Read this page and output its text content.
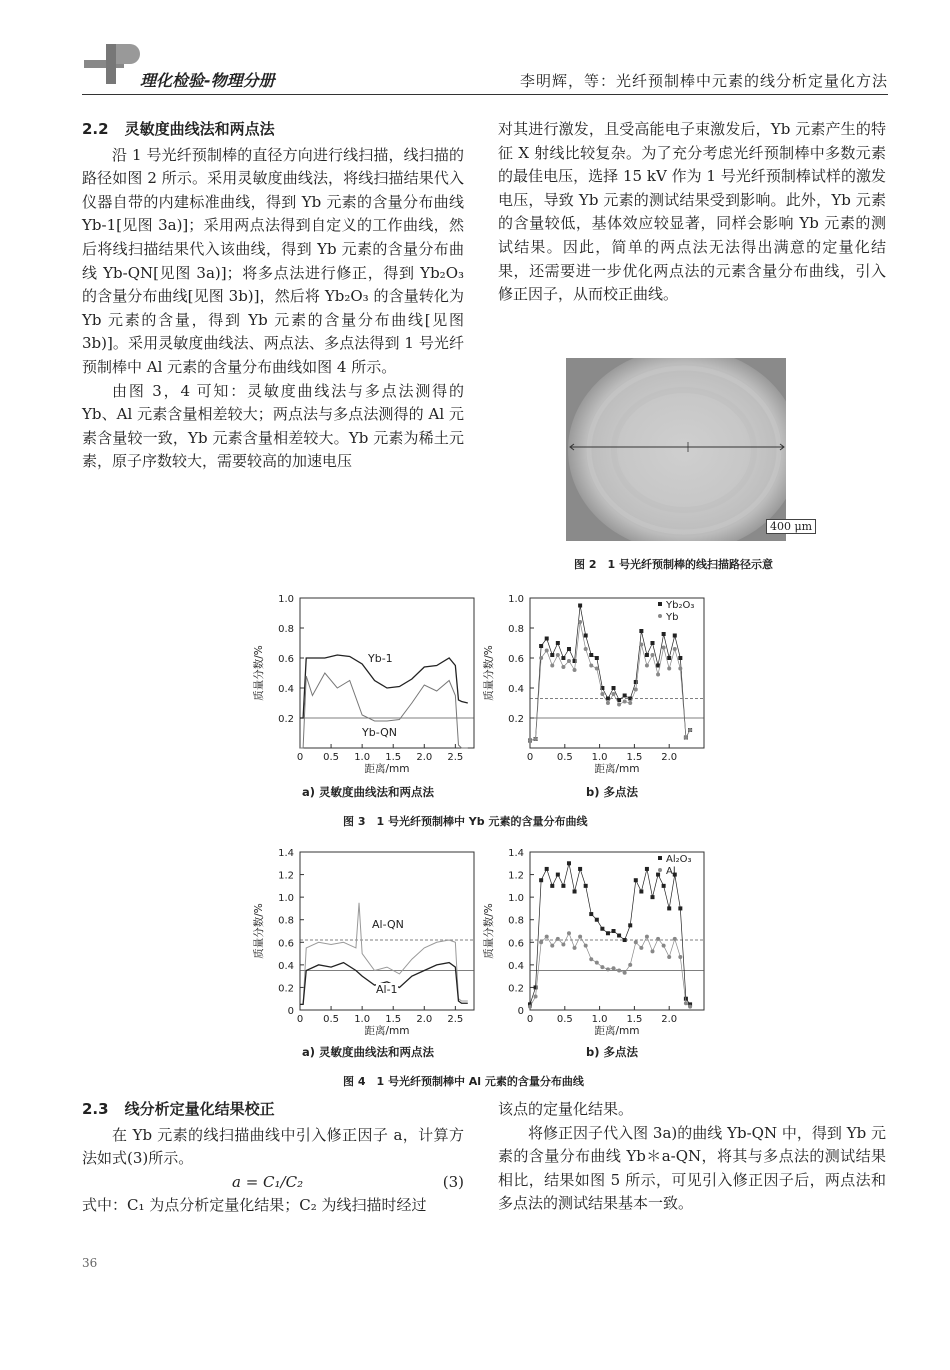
理化检验-物理分册	李明辉，等：光纤预制棒中元素的线分析定量化方法
2.2 灵敏度曲线法和两点法

沿 1 号光纤预制棒的直径方向进行线扫描，线扫描的路径如图 2 所示。采用灵敏度曲线法，将线扫描结果代入仪器自带的内建标准曲线，得到 Yb 元素的含量分布曲线 Yb-1[见图 3a)]；采用两点法得到自定义的工作曲线，然后将线扫描结果代入该曲线，得到 Yb 元素的含量分布曲线 Yb-QN[见图 3a)]；将多点法进行修正，得到 Yb₂O₃ 的含量分布曲线[见图 3b)]，然后将 Yb₂O₃ 的含量转化为 Yb 元素的含量，得到 Yb 元素的含量分布曲线[见图 3b)]。采用灵敏度曲线法、两点法、多点法得到 1 号光纤预制棒中 Al 元素的含量分布曲线如图 4 所示。

由图 3，4 可知：灵敏度曲线法与多点法测得的 Yb、Al 元素含量相差较大；两点法与多点法测得的 Al 元素含量较一致，Yb 元素含量相差较大。Yb 元素为稀土元素，原子序数较大，需要较高的加速电压

对其进行激发，且受高能电子束激发后，Yb 元素产生的特征 X 射线比较复杂。为了充分考虑光纤预制棒中多数元素的最佳电压，选择 15 kV 作为 1 号光纤预制棒试样的激发电压，导致 Yb 元素的测试结果受到影响。此外，Yb 元素的含量较低，基体效应较显著，同样会影响 Yb 元素的测试结果。因此，简单的两点法无法得出满意的定量化结果，还需要进一步优化两点法的元素含量分布曲线，引入修正因子，从而校正曲线。

400 μm
图 2　1 号光纤预制棒的线扫描路径示意
0.2
0.4
0.6
0.8
1.0
0 0.5 1.0 1.5 2.0 2.5
距离/mm
质量分数/%
0.2
0.4
0.6
0.8
1.0
0 0.5 1.0 1.5 2.0
距离/mm
质量分数/%
Yb₂O₃
Yb
a) 灵敏度曲线法和两点法	b) 多点法
图 3　1 号光纤预制棒中 Yb 元素的含量分布曲线
0
0.2
0.4
0.6
0.8
1.0
1.2
1.4
0 0.5 1.0 1.5 2.0 2.5
距离/mm
质量分数/%
0
0.2
0.4
0.6
0.8
1.0
1.2
1.4
0 0.5 1.0 1.5 2.0
距离/mm
质量分数/%
Al₂O₃
Al
a) 灵敏度曲线法和两点法	b) 多点法
图 4　1 号光纤预制棒中 Al 元素的含量分布曲线
Yb-1
Yb-QN
Al-QN
Al-1
2.3 线分析定量化结果校正

在 Yb 元素的线扫描曲线中引入修正因子 a，计算方法如式(3)所示。

a = C₁/C₂	(3)

式中：C₁ 为点分析定量化结果；C₂ 为线扫描时经过

该点的定量化结果。

将修正因子代入图 3a)的曲线 Yb-QN 中，得到 Yb 元素的含量分布曲线 Yb＊a-QN，将其与多点法的测试结果相比，结果如图 5 所示，可见引入修正因子后，两点法和多点法的测试结果基本一致。

36
